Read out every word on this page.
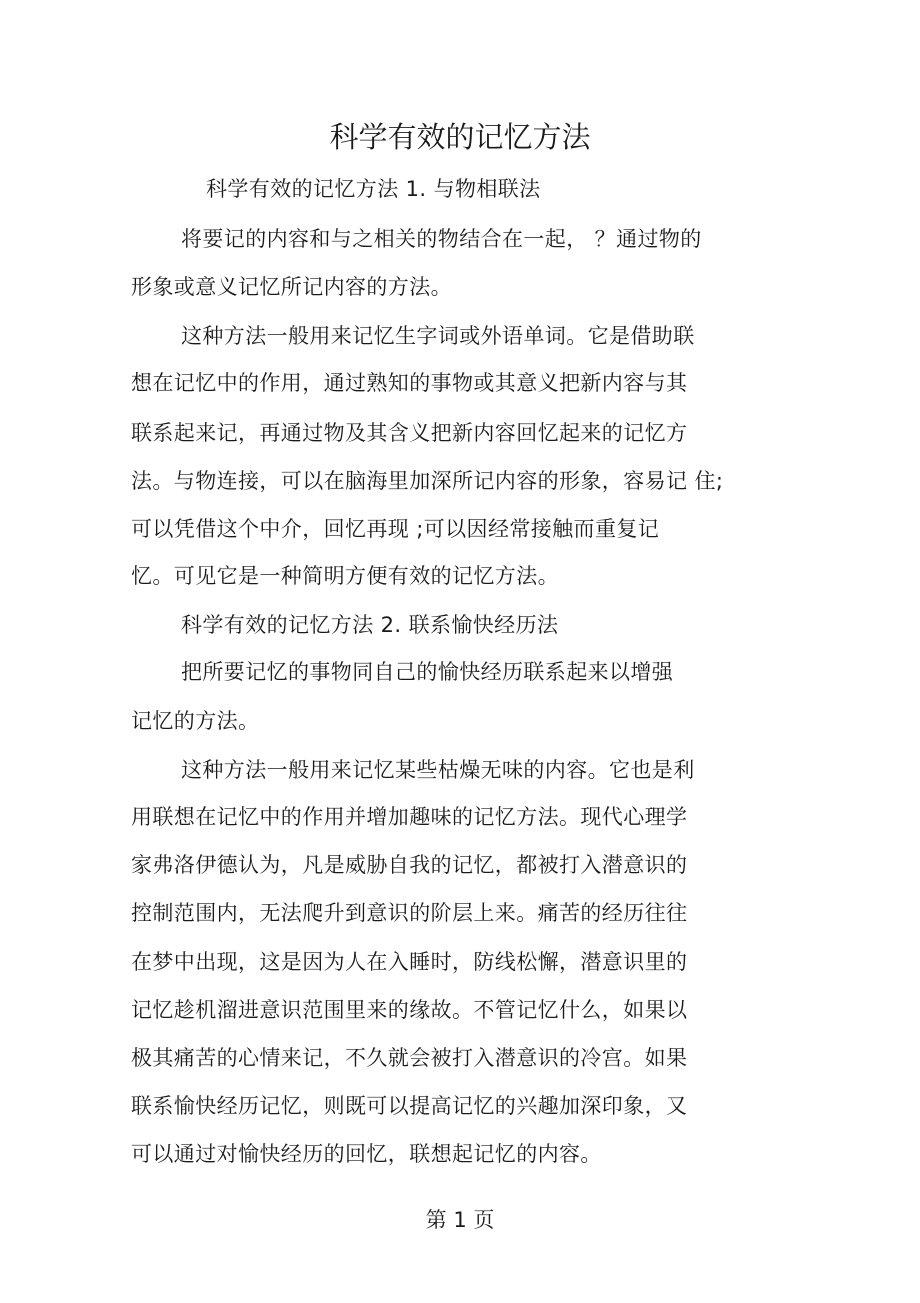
科学有效的记忆方法
科学有效的记忆方法 1. 与物相联法
将要记的内容和与之相关的物结合在一起， ？通过物的
形象或意义记忆所记内容的方法。
这种方法一般用来记忆生字词或外语单词。它是借助联
想在记忆中的作用，通过熟知的事物或其意义把新内容与其
联系起来记，再通过物及其含义把新内容回忆起来的记忆方
法。与物连接，可以在脑海里加深所记内容的形象，容易记 住;
可以凭借这个中介，回忆再现 ;可以因经常接触而重复记
忆。可见它是一种简明方便有效的记忆方法。
科学有效的记忆方法 2. 联系愉快经历法
把所要记忆的事物同自己的愉快经历联系起来以增强
记忆的方法。
这种方法一般用来记忆某些枯燥无味的内容。它也是利
用联想在记忆中的作用并增加趣味的记忆方法。现代心理学
家弗洛伊德认为，凡是威胁自我的记忆，都被打入潜意识的
控制范围内，无法爬升到意识的阶层上来。痛苦的经历往往
在梦中出现，这是因为人在入睡时，防线松懈，潜意识里的
记忆趁机溜进意识范围里来的缘故。不管记忆什么，如果以
极其痛苦的心情来记，不久就会被打入潜意识的冷宫。如果
联系愉快经历记忆，则既可以提高记忆的兴趣加深印象，又
可以通过对愉快经历的回忆，联想起记忆的内容。
第 1 页
